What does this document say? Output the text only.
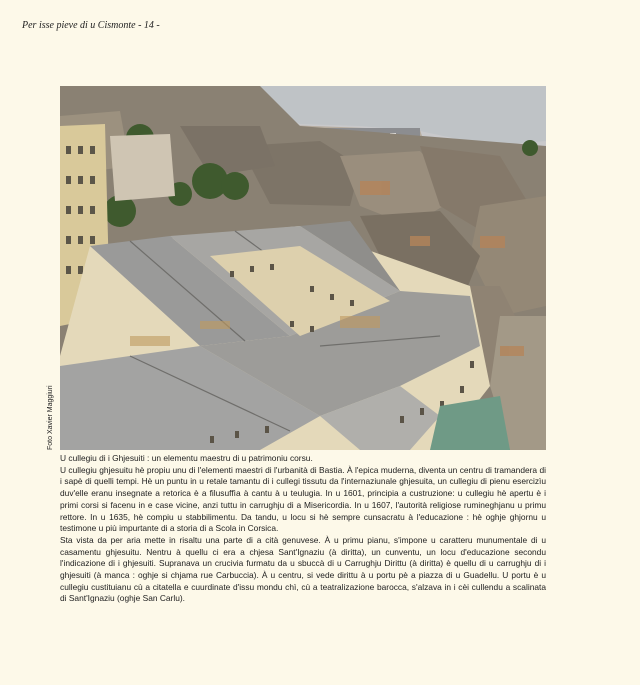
Per isse pieve di u Cismonte - 14 -
Foto Xavier Maggiuri

U cullegiu di i Ghjesuiti : un elementu maestru di u patrimoniu corsu.

U cullegiu ghjesuitu hè propiu unu di l'elementi maestri di l'urbanità di Bastia. À l'epica muderna, diventa un centru di tramandera di i sapè di quelli tempi. Hè un puntu in u retale tamantu di i cullegi tissutu da l'internaziunale ghjesuita, un cullegiu di pienu esercizìu duv'elle eranu insegnate a retorica è a filusuffìa à cantu à u teulugia. In u 1601, principia a custruzione: u cullegiu hè apertu è i primi corsi si facenu in e case vicine, anzi tuttu in carrughju di a Misericordia. In u 1607, l'autorità religiose rumineghjanu u primu rettore. In u 1635, hè compiu u stabbilimentu. Da tandu, u locu si hè sempre cunsacratu à l'educazione : hè oghje ghjornu u testimone u più impurtante di a storia di a Scola in Corsica.

Sta vista da per aria mette in risaltu una parte di a cità genuvese. À u primu pianu, s'impone u caratteru munumentale di u casamentu ghjesuitu. Nentru à quellu ci era a chjesa Sant'Ignaziu (à diritta), un cunventu, un locu d'educazione secondu l'indicazione di i ghjesuiti. Supranava un crucivia furmatu da u sbuccà di u Carrughju Dirittu (à diritta) è quellu di u carrughju di i ghjesuiti (à manca : oghje si chjama rue Carbuccia). À u centru, si vede dirittu à u portu pè a piazza di u Guadellu. U portu è u cullegiu custituianu cù a citatella e cuurdinate d'issu mondu chì, cù a teatralizazione barocca, s'alzava in i cèi cullendu a scalinata di Sant'Ignaziu (oghje San Carlu).
